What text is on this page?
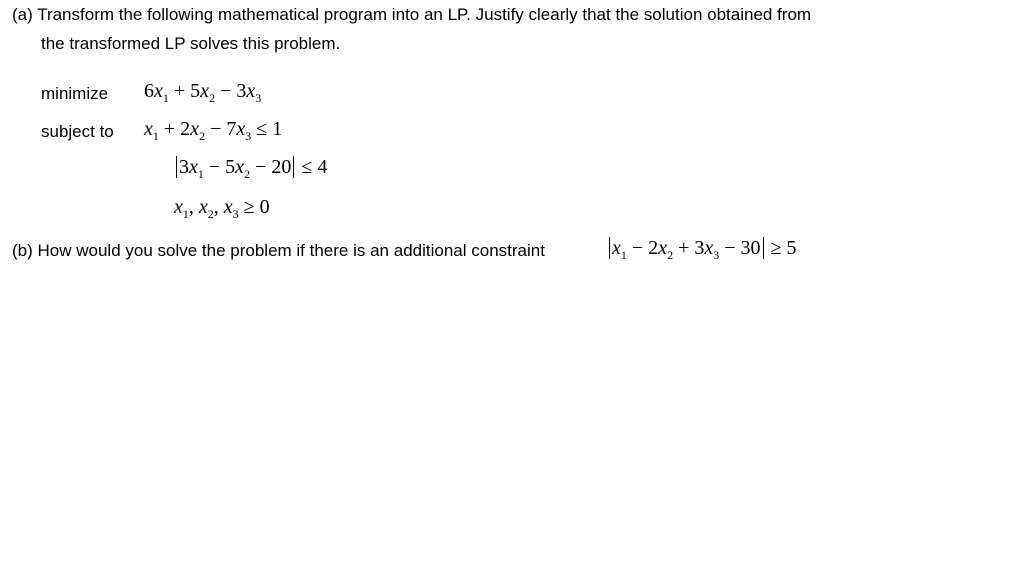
(a) Transform the following mathematical program into an LP. Justify clearly that the solution obtained from
the transformed LP solves this problem.
minimize $6x_1 + 5x_2 - 3x_3$
subject to $x_1 + 2x_2 - 7x_3 \le 1$
$3x_1 - 5x_2 - 20 \le 4$
$x_1$, $x_2$, $x_3 \ge 0$
(b) How would you solve the problem if there is an additional constraint	$x_1 - 2x_2 + 3x_3 - 30 \ge 5$
